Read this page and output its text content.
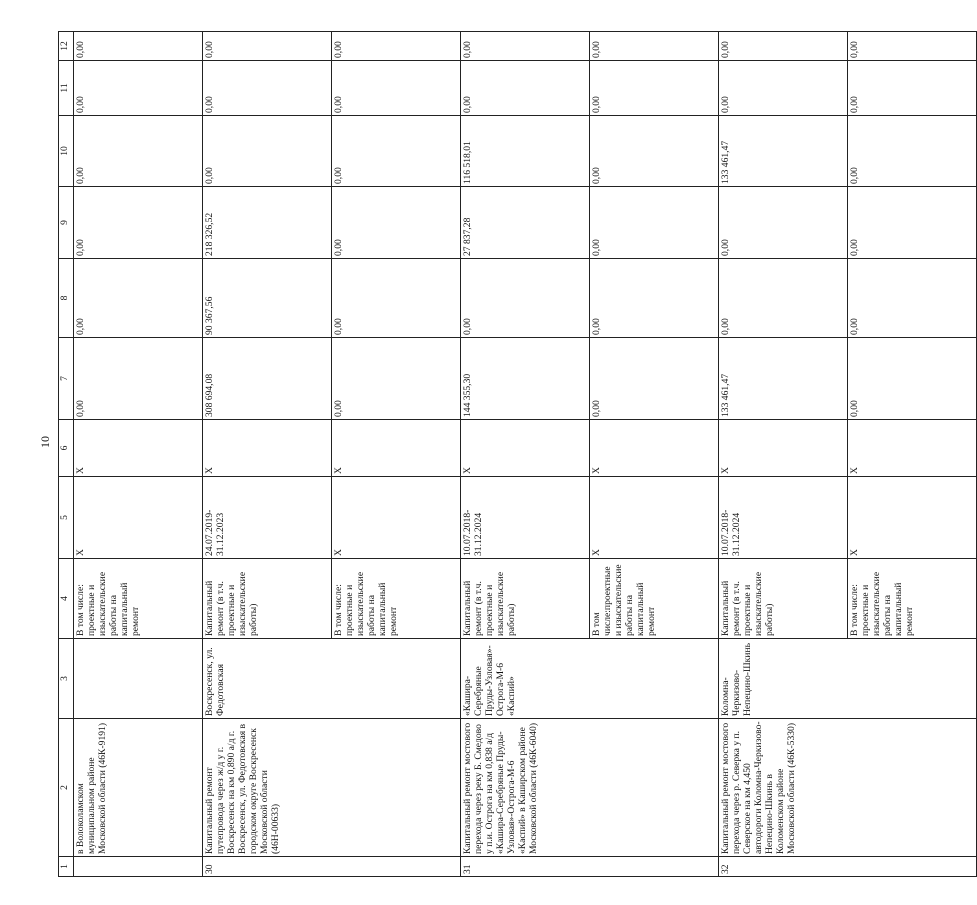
10
1	2	3	4	5	6	7	8	9	10	11	12
	в Волоколамском муниципальном районе Московской области (46К-9191)		В том числе: проектные и изыскательские работы на капитальный ремонт	X	X	0,00	0,00	0,00	0,00	0,00	0,00
30	Капитальный ремонт путепровода через ж/д у г. Воскресенск на км 0,890 а/д г. Воскресенск, ул. Федотовская в городском округе Воскресенск Московской области (46Н-00633)	Воскресенск, ул. Федотовская	Капитальный ремонт (в т.ч. проектные и изыскательские работы)	24.07.2019-31.12.2023	X	308 694,08	90 367,56	218 326,52	0,00	0,00	0,00
			В том числе: проектные и изыскательские работы на капитальный ремонт	X	X	0,00	0,00	0,00	0,00	0,00	0,00
31	Капитальный ремонт мостового перехода через реку Б. Смедово у п.и. Острога на км 0,838 а/д «Кашира-Серебряные Пруды-Узловая»-Острога-М-6 «Каспий» в Каширском районе Московской области (46К-6040)	«Кашира-Серебряные Пруды-Узловая»-Острога-М-6 «Каспий»	Капитальный ремонт (в т.ч. проектные и изыскательские работы)	10.07.2018-31.12.2024	X	144 355,30	0,00	27 837,28	116 518,01	0,00	0,00
			В том числе:проектные и изыскательские работы на капитальный ремонт	X	X	0,00	0,00	0,00	0,00	0,00	0,00
32	Капитальный ремонт мостового перехода через р. Северка у п. Северское на км 4,450 автодороги Коломна-Черкизово-Непецино-Шкинь в Коломенском районе Московской области (46К-5330)	Коломна-Черкизово-Непецино-Шкинь	Капитальный ремонт (в т.ч. проектные и изыскательские работы)	10.07.2018-31.12.2024	X	133 461,47	0,00	0,00	133 461,47	0,00	0,00
			В том числе: проектные и изыскательские работы на капитальный ремонт	X	X	0,00	0,00	0,00	0,00	0,00	0,00
